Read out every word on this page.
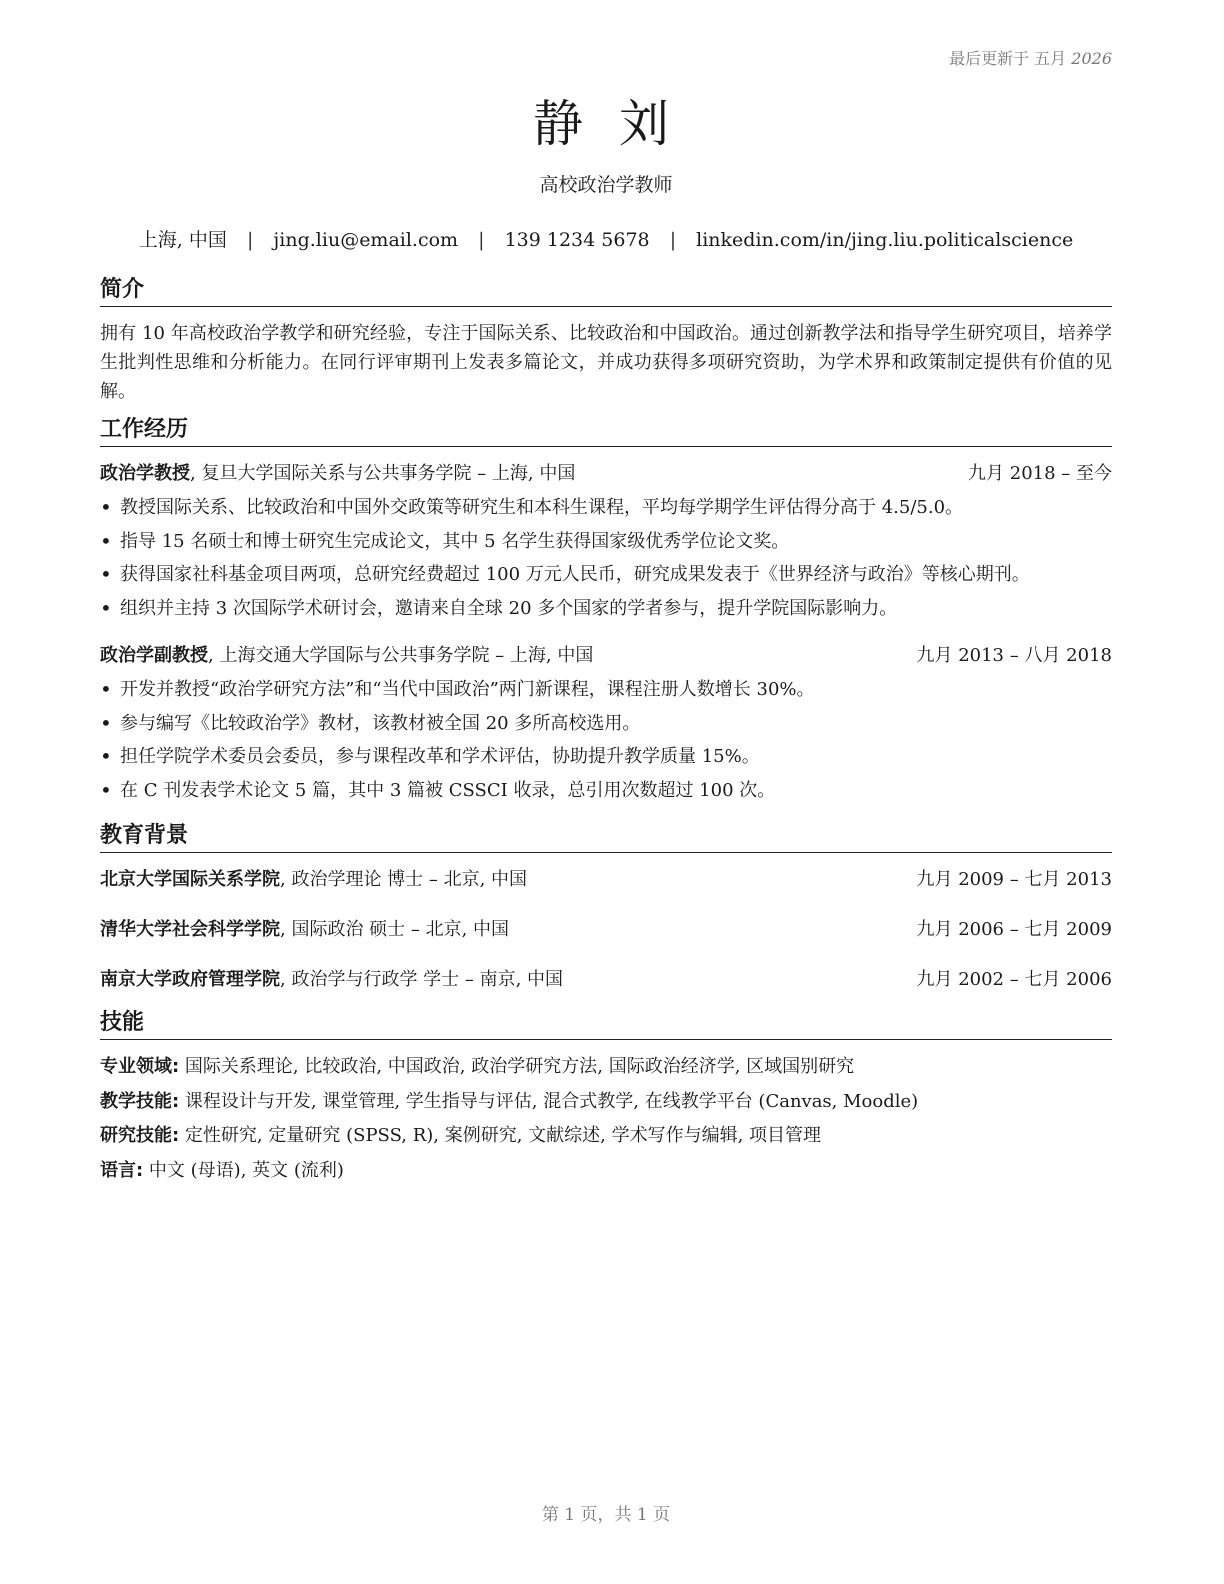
最后更新于 五月 2026
静 刘
高校政治学教师
上海, 中国 | jing.liu@email.com | 139 1234 5678 | linkedin.com/in/jing.liu.politicalscience
简介
拥有 10 年高校政治学教学和研究经验，专注于国际关系、比较政治和中国政治。通过创新教学法和指导学生研究项目，培养学生批判性思维和分析能力。在同行评审期刊上发表多篇论文，并成功获得多项研究资助，为学术界和政策制定提供有价值的见解。
工作经历
政治学教授, 复旦大学国际关系与公共事务学院 – 上海, 中国	九月 2018 – 至今
• 教授国际关系、比较政治和中国外交政策等研究生和本科生课程，平均每学期学生评估得分高于 4.5/5.0。
• 指导 15 名硕士和博士研究生完成论文，其中 5 名学生获得国家级优秀学位论文奖。
• 获得国家社科基金项目两项，总研究经费超过 100 万元人民币，研究成果发表于《世界经济与政治》等核心期刊。
• 组织并主持 3 次国际学术研讨会，邀请来自全球 20 多个国家的学者参与，提升学院国际影响力。
政治学副教授, 上海交通大学国际与公共事务学院 – 上海, 中国	九月 2013 – 八月 2018
• 开发并教授“政治学研究方法”和“当代中国政治”两门新课程，课程注册人数增长 30%。
• 参与编写《比较政治学》教材，该教材被全国 20 多所高校选用。
• 担任学院学术委员会委员，参与课程改革和学术评估，协助提升教学质量 15%。
• 在 C 刊发表学术论文 5 篇，其中 3 篇被 CSSCI 收录，总引用次数超过 100 次。
教育背景
北京大学国际关系学院, 政治学理论 博士 – 北京, 中国	九月 2009 – 七月 2013
清华大学社会科学学院, 国际政治 硕士 – 北京, 中国	九月 2006 – 七月 2009
南京大学政府管理学院, 政治学与行政学 学士 – 南京, 中国	九月 2002 – 七月 2006
技能
专业领域: 国际关系理论, 比较政治, 中国政治, 政治学研究方法, 国际政治经济学, 区域国别研究
教学技能: 课程设计与开发, 课堂管理, 学生指导与评估, 混合式教学, 在线教学平台 (Canvas, Moodle)
研究技能: 定性研究, 定量研究 (SPSS, R), 案例研究, 文献综述, 学术写作与编辑, 项目管理
语言: 中文 (母语), 英文 (流利)
第 1 页，共 1 页
